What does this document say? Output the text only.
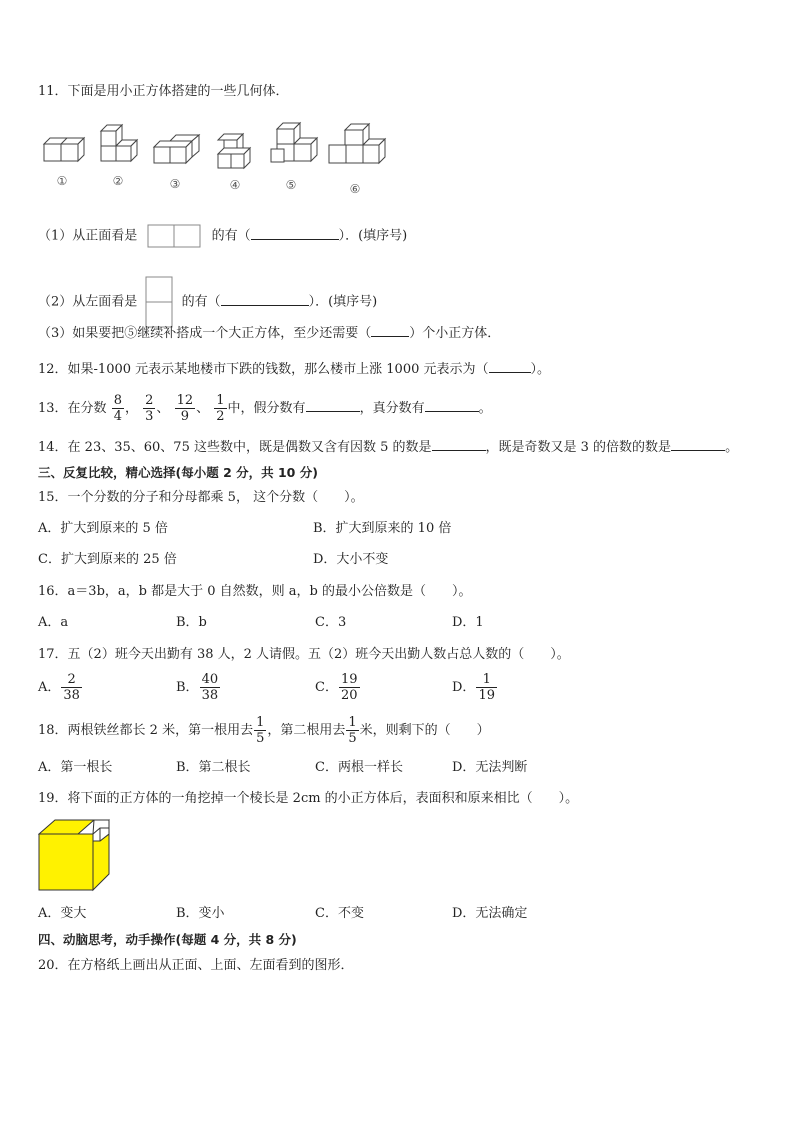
11．下面是用小正方体搭建的一些几何体．
①	②	③	④	⑤	⑥
（1）从正面看是	的有（	）．(填序号)
（2）从左面看是	的有（	）．(填序号)
（3）如果要把⑤继续补搭成一个大正方体，至少还需要（	）个小正方体．
12．如果-1000 元表示某地楼市下跌的钱数，那么楼市上涨 1000 元表示为（	）。
13．在分数 $\frac{8}{4}$ ， $\frac{2}{3}$ 、 $\frac{12}{9}$ 、 $\frac{1}{2}$ 中，假分数有	，真分数有	。
14．在 23、35、60、75 这些数中，既是偶数又含有因数 5 的数是	，既是奇数又是 3 的倍数的数是	。
三、反复比较，精心选择(每小题 2 分，共 10 分)
15．一个分数的分子和分母都乘 5， 这个分数（　　）。
A．扩大到原来的 5 倍	B．扩大到原来的 10 倍
C．扩大到原来的 25 倍	D．大小不变
16．a＝3b，a，b 都是大于 0 自然数，则 a，b 的最小公倍数是（　　）。
A．a	B．b	C．3	D．1
17．五（2）班今天出勤有 38 人，2 人请假。五（2）班今天出勤人数占总人数的（　　）。
A． $\frac{2}{38}$	B． $\frac{40}{38}$	C． $\frac{19}{20}$	D． $\frac{1}{19}$
18．两根铁丝都长 2 米，第一根用去 $\frac{1}{5}$ ，第二根用去 $\frac{1}{5}$ 米，则剩下的（　　）
A．第一根长	B．第二根长	C．两根一样长	D．无法判断
19．将下面的正方体的一角挖掉一个棱长是 2cm 的小正方体后，表面积和原来相比（　　）。
A．变大	B．变小	C．不变	D．无法确定
四、动脑思考，动手操作(每题 4 分，共 8 分)
20．在方格纸上画出从正面、上面、左面看到的图形．
